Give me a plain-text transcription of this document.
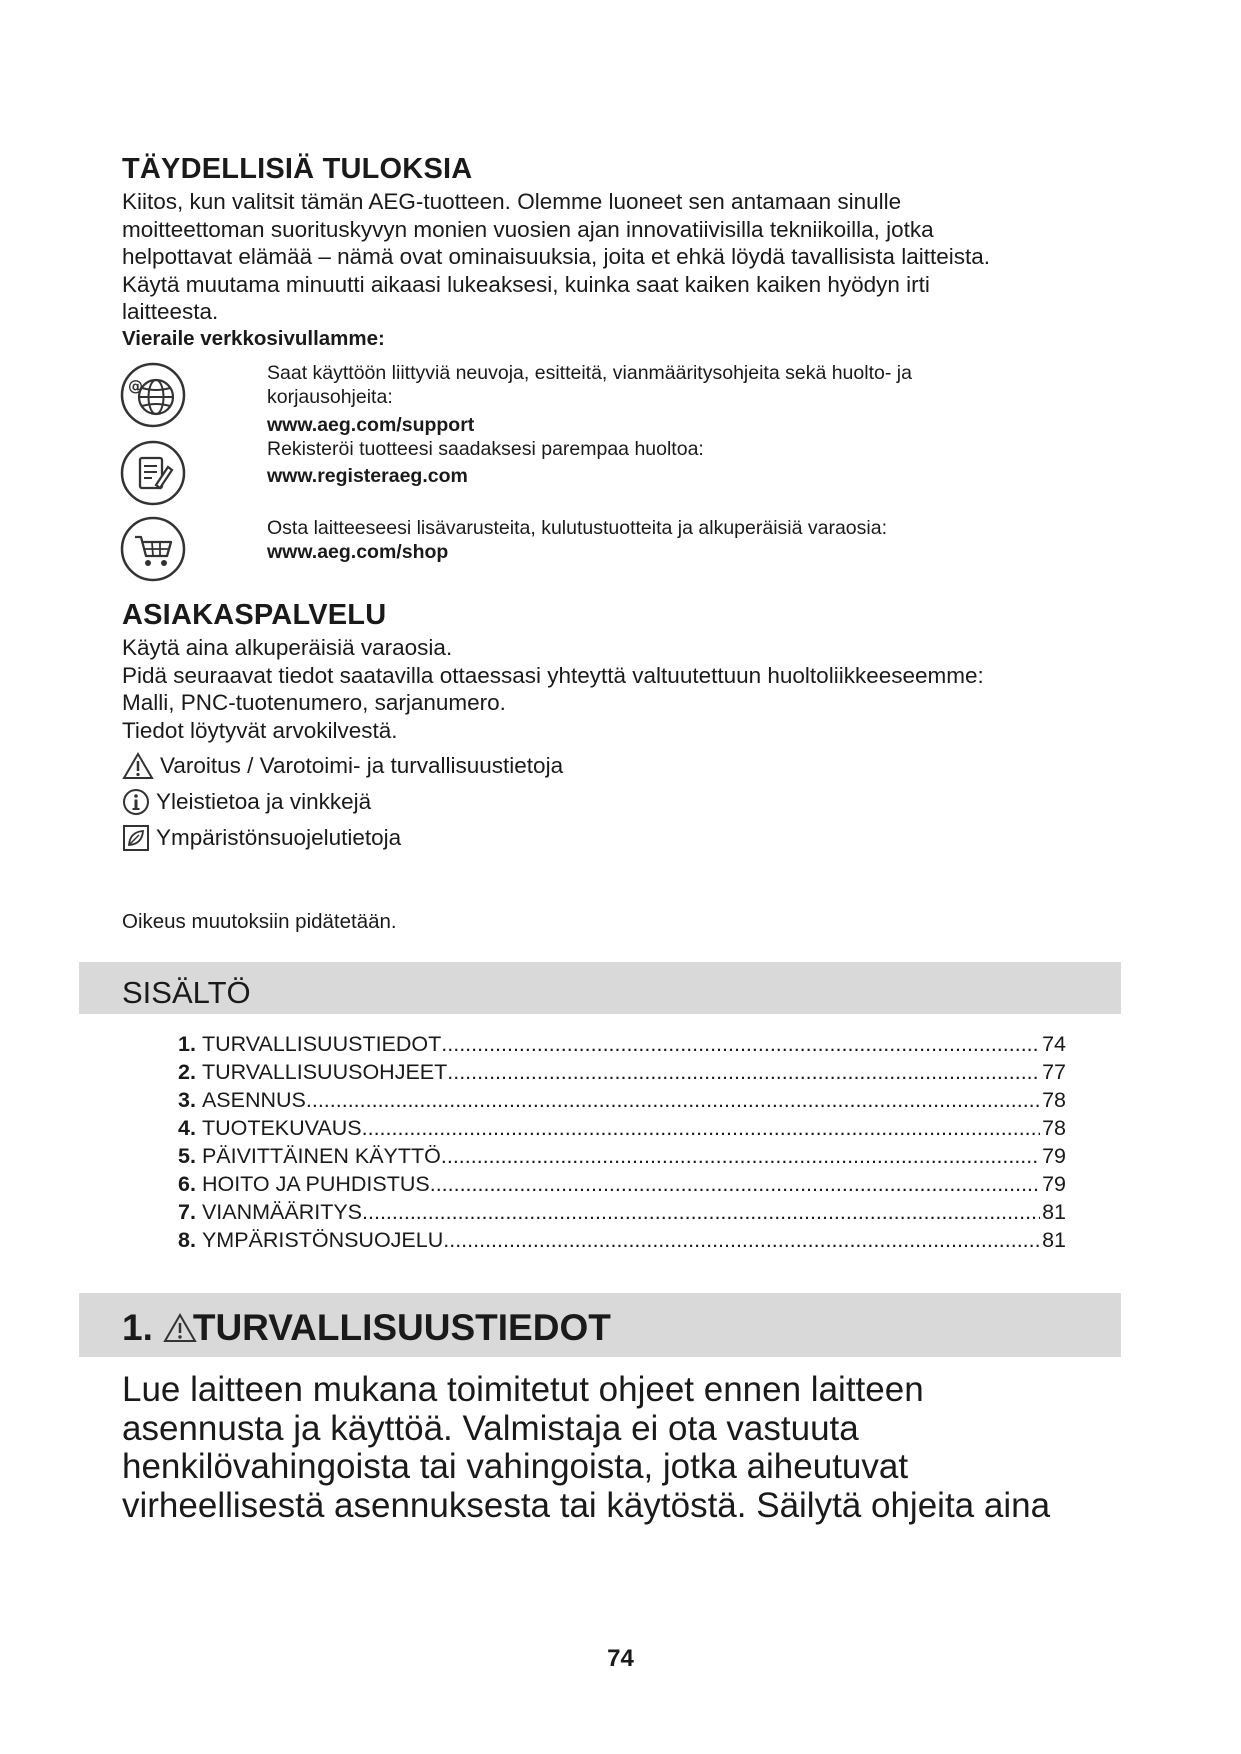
TÄYDELLISIÄ TULOKSIA
Kiitos, kun valitsit tämän AEG-tuotteen. Olemme luoneet sen antamaan sinulle
moitteettoman suorituskyvyn monien vuosien ajan innovatiivisilla tekniikoilla, jotka
helpottavat elämää – nämä ovat ominaisuuksia, joita et ehkä löydä tavallisista laitteista.
Käytä muutama minuutti aikaasi lukeaksesi, kuinka saat kaiken kaiken hyödyn irti
laitteesta.
Vieraile verkkosivullamme:
@
Saat käyttöön liittyviä neuvoja, esitteitä, vianmääritysohjeita sekä huolto- ja
korjausohjeita:
www.aeg.com/support
Rekisteröi tuotteesi saadaksesi parempaa huoltoa:
www.registeraeg.com
Osta laitteeseesi lisävarusteita, kulutustuotteita ja alkuperäisiä varaosia:
www.aeg.com/shop
ASIAKASPALVELU
Käytä aina alkuperäisiä varaosia.
Pidä seuraavat tiedot saatavilla ottaessasi yhteyttä valtuutettuun huoltoliikkeeseemme:
Malli, PNC-tuotenumero, sarjanumero.
Tiedot löytyvät arvokilvestä.
Varoitus / Varotoimi- ja turvallisuustietoja
Yleistietoa ja vinkkejä
Ympäristönsuojelutietoja
Oikeus muutoksiin pidätetään.
SISÄLTÖ
1. TURVALLISUUSTIEDOT .....	74
2. TURVALLISUUSOHJEET .....	77
3. ASENNUS .....	78
4. TUOTEKUVAUS .....	78
5. PÄIVITTÄINEN KÄYTTÖ .....	79
6. HOITO JA PUHDISTUS .....	79
7. VIANMÄÄRITYS .....	81
8. YMPÄRISTÖNSUOJELU .....	81
1. TURVALLISUUSTIEDOT
Lue laitteen mukana toimitetut ohjeet ennen laitteen
asennusta ja käyttöä. Valmistaja ei ota vastuuta
henkilövahingoista tai vahingoista, jotka aiheutuvat
virheellisestä asennuksesta tai käytöstä. Säilytä ohjeita aina
74
